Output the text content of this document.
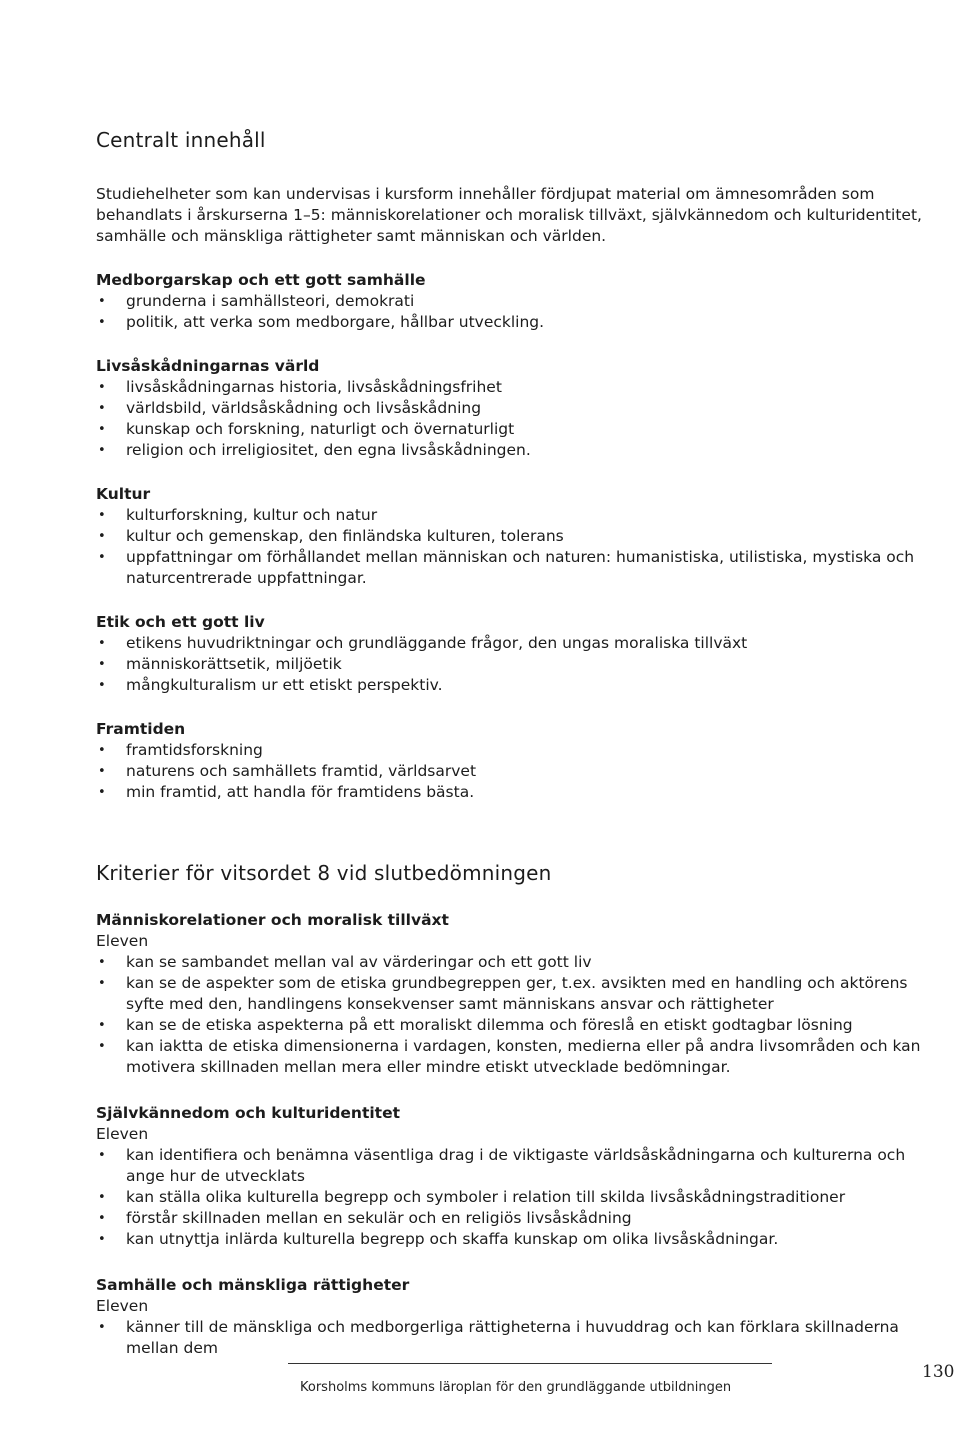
Centralt innehåll

Studiehelheter som kan undervisas i kursform innehåller fördjupat material om ämnesområden som behandlats i årskurserna 1–5: människorelationer och moralisk tillväxt, självkännedom och kulturidentitet, samhälle och mänskliga rättigheter samt människan och världen.

Medborgarskap och ett gott samhälle
• grunderna i samhällsteori, demokrati
• politik, att verka som medborgare, hållbar utveckling.
Livsåskådningarnas värld
• livsåskådningarnas historia, livsåskådningsfrihet
• världsbild, världsåskådning och livsåskådning
• kunskap och forskning, naturligt och övernaturligt
• religion och irreligiositet, den egna livsåskådningen.
Kultur
• kulturforskning, kultur och natur
• kultur och gemenskap, den finländska kulturen, tolerans
• uppfattningar om förhållandet mellan människan och naturen: humanistiska, utilistiska, mystiska och naturcentrerade uppfattningar.
Etik och ett gott liv
• etikens huvudriktningar och grundläggande frågor, den ungas moraliska tillväxt
• människorättsetik, miljöetik
• mångkulturalism ur ett etiskt perspektiv.
Framtiden
• framtidsforskning
• naturens och samhällets framtid, världsarvet
• min framtid, att handla för framtidens bästa.
Kriterier för vitsordet 8 vid slutbedömningen
Människorelationer och moralisk tillväxt

Eleven

• kan se sambandet mellan val av värderingar och ett gott liv
• kan se de aspekter som de etiska grundbegreppen ger, t.ex. avsikten med en handling och aktörens syfte med den, handlingens konsekvenser samt människans ansvar och rättigheter
• kan se de etiska aspekterna på ett moraliskt dilemma och föreslå en etiskt godtagbar lösning
• kan iaktta de etiska dimensionerna i vardagen, konsten, medierna eller på andra livsområden och kan motivera skillnaden mellan mera eller mindre etiskt utvecklade bedömningar.
Självkännedom och kulturidentitet

Eleven

• kan identifiera och benämna väsentliga drag i de viktigaste världsåskådningarna och kulturerna och ange hur de utvecklats
• kan ställa olika kulturella begrepp och symboler i relation till skilda livsåskådningstraditioner
• förstår skillnaden mellan en sekulär och en religiös livsåskådning
• kan utnyttja inlärda kulturella begrepp och skaffa kunskap om olika livsåskådningar.
Samhälle och mänskliga rättigheter

Eleven

• känner till de mänskliga och medborgerliga rättigheterna i huvuddrag och kan förklara skillnaderna mellan dem
Korsholms kommuns läroplan för den grundläggande utbildningen
130
